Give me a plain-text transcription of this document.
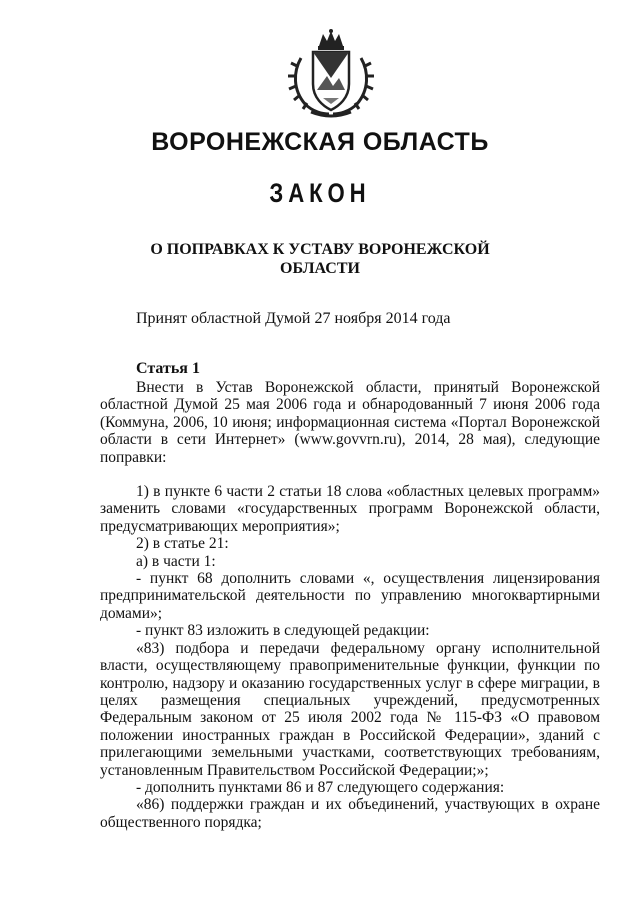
ВОРОНЕЖСКАЯ ОБЛАСТЬ
ЗАКОН
О ПОПРАВКАХ К УСТАВУ ВОРОНЕЖСКОЙ
ОБЛАСТИ
Принят областной Думой 27 ноября 2014 года
Статья 1

Внести в Устав Воронежской области, принятый Воронежской областной Думой 25 мая 2006 года и обнародованный 7 июня 2006 года (Коммуна, 2006, 10 июня; информационная система «Портал Воронежской области в сети Интернет» (www.govvrn.ru), 2014, 28 мая), следующие поправки:

1) в пункте 6 части 2 статьи 18 слова «областных целевых программ» заменить словами «государственных программ Воронежской области, предусматривающих мероприятия»;

2) в статье 21:

а) в части 1:

- пункт 68 дополнить словами «, осуществления лицензирования предпринимательской деятельности по управлению многоквартирными домами»;

- пункт 83 изложить в следующей редакции:

«83) подбора и передачи федеральному органу исполнительной власти, осуществляющему правоприменительные функции, функции по контролю, надзору и оказанию государственных услуг в сфере миграции, в целях размещения специальных учреждений, предусмотренных Федеральным законом от 25 июля 2002 года № 115-ФЗ «О правовом положении иностранных граждан в Российской Федерации», зданий с прилегающими земельными участками, соответствующих требованиям, установленным Правительством Российской Федерации;»;

- дополнить пунктами 86 и 87 следующего содержания:

«86) поддержки граждан и их объединений, участвующих в охране общественного порядка;
